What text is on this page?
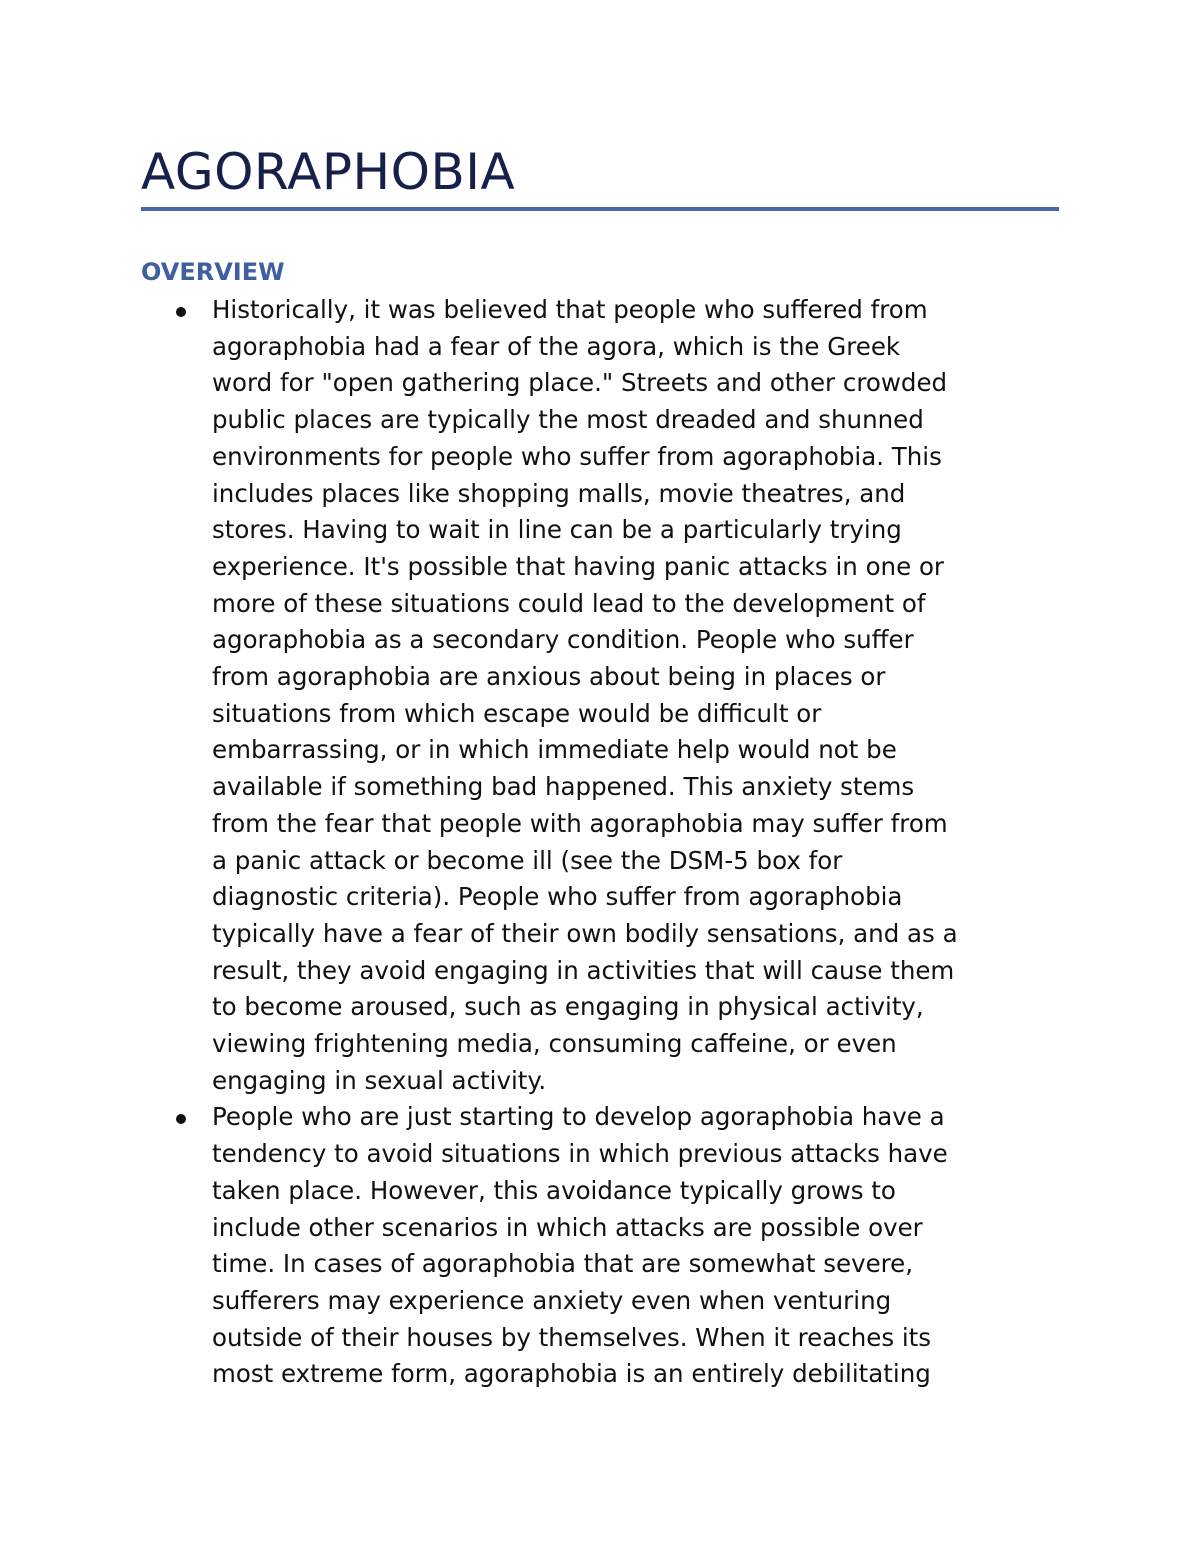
AGORAPHOBIA
OVERVIEW
Historically, it was believed that people who suffered from
agoraphobia had a fear of the agora, which is the Greek
word for "open gathering place." Streets and other crowded
public places are typically the most dreaded and shunned
environments for people who suffer from agoraphobia. This
includes places like shopping malls, movie theatres, and
stores. Having to wait in line can be a particularly trying
experience. It's possible that having panic attacks in one or
more of these situations could lead to the development of
agoraphobia as a secondary condition. People who suffer
from agoraphobia are anxious about being in places or
situations from which escape would be difficult or
embarrassing, or in which immediate help would not be
available if something bad happened. This anxiety stems
from the fear that people with agoraphobia may suffer from
a panic attack or become ill (see the DSM-5 box for
diagnostic criteria). People who suffer from agoraphobia
typically have a fear of their own bodily sensations, and as a
result, they avoid engaging in activities that will cause them
to become aroused, such as engaging in physical activity,
viewing frightening media, consuming caffeine, or even
engaging in sexual activity.
People who are just starting to develop agoraphobia have a
tendency to avoid situations in which previous attacks have
taken place. However, this avoidance typically grows to
include other scenarios in which attacks are possible over
time. In cases of agoraphobia that are somewhat severe,
sufferers may experience anxiety even when venturing
outside of their houses by themselves. When it reaches its
most extreme form, agoraphobia is an entirely debilitating
